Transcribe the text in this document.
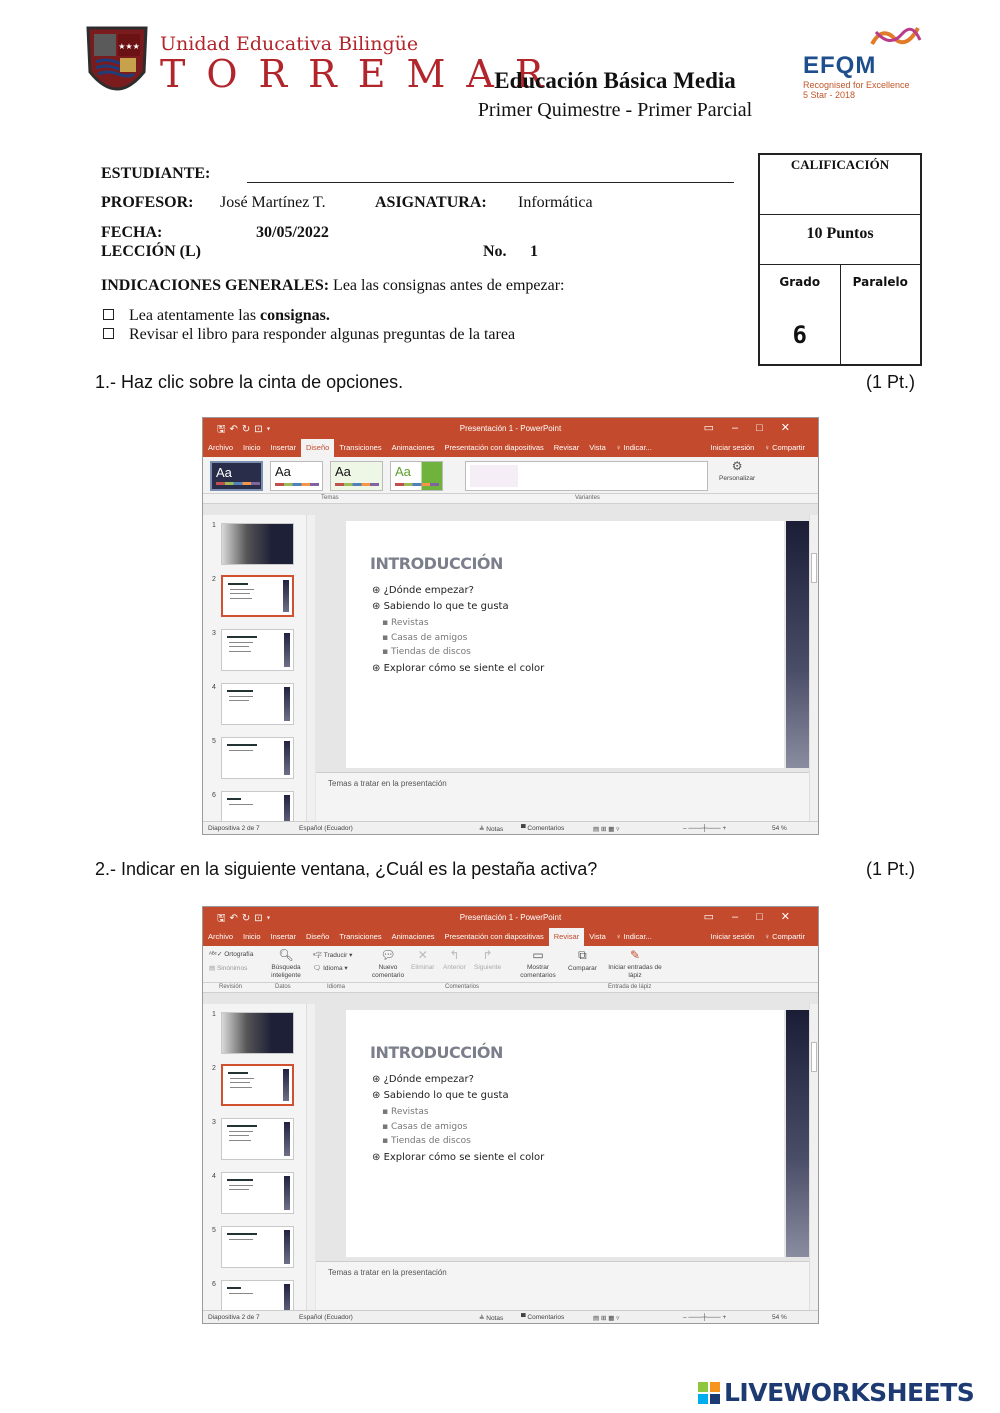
★★★ Unidad Educativa Bilingüe
TORREMAR
Educación Básica Media
Primer Quimestre - Primer Parcial
EFQM
Recognised for Excellence
5 Star - 2018
ESTUDIANTE:
PROFESOR: José Martínez T.	ASIGNATURA: Informática
FECHA:	30/05/2022
LECCIÓN (L)	No. 1
INDICACIONES GENERALES: Lea las consignas antes de empezar:
Lea atentamente las consignas.
Revisar el libro para responder algunas preguntas de la tarea
CALIFICACIÓN
10 Puntos
Grado
6
Paralelo
1.- Haz clic sobre la cinta de opciones.	(1 Pt.)
🖫↶↻⊡▾	Presentación 1 - PowerPoint	▭–□✕
Archivo Inicio Insertar Diseño Transiciones Animaciones Presentación con diapositivas Revisar Vista ♀ Indicar...	Iniciar sesión ♀ Compartir
Aa	Aa	Aa	Aa	⚙
Personalizar
Temas	Variantes
1
2
3
4
5
6
INTRODUCCIÓN
⊛ ¿Dónde empezar?
⊛ Sabiendo lo que te gusta
▪ Revistas
▪ Casas de amigos
▪ Tiendas de discos
⊛ Explorar cómo se siente el color
Temas a tratar en la presentación
Diapositiva 2 de 7	Español (Ecuador)	≜ Notas	▀ Comentarios	▤ ⊞ ▦ ▿	– ───┼─── +	54 %
2.- Indicar en la siguiente ventana, ¿Cuál es la pestaña activa?	(1 Pt.)
🖫↶↻⊡▾	Presentación 1 - PowerPoint	▭–□✕
Archivo Inicio Insertar Diseño Transiciones Animaciones Presentación con diapositivas Revisar Vista ♀ Indicar...	Iniciar sesión ♀ Compartir
ᴬᴮᶜ✓ Ortografía
▤ Sinónimos
🔍︎
Búsqueda inteligente
ᵃ字 Traducir ▾
🗨︎ Idioma ▾
💬︎
Nuevo comentario
✕
Eliminar
↰
Anterior
↱
Siguiente
▭
Mostrar comentarios
⧉
Comparar
✎
Iniciar entradas de lápiz
Revisión	Datos	Idioma	Comentarios	Entrada de lápiz
1
2
3
4
5
6
INTRODUCCIÓN
⊛ ¿Dónde empezar?
⊛ Sabiendo lo que te gusta
▪ Revistas
▪ Casas de amigos
▪ Tiendas de discos
⊛ Explorar cómo se siente el color
Temas a tratar en la presentación
Diapositiva 2 de 7	Español (Ecuador)	≜ Notas	▀ Comentarios	▤ ⊞ ▦ ▿	– ───┼─── +	54 %
LIVEWORKSHEETS
